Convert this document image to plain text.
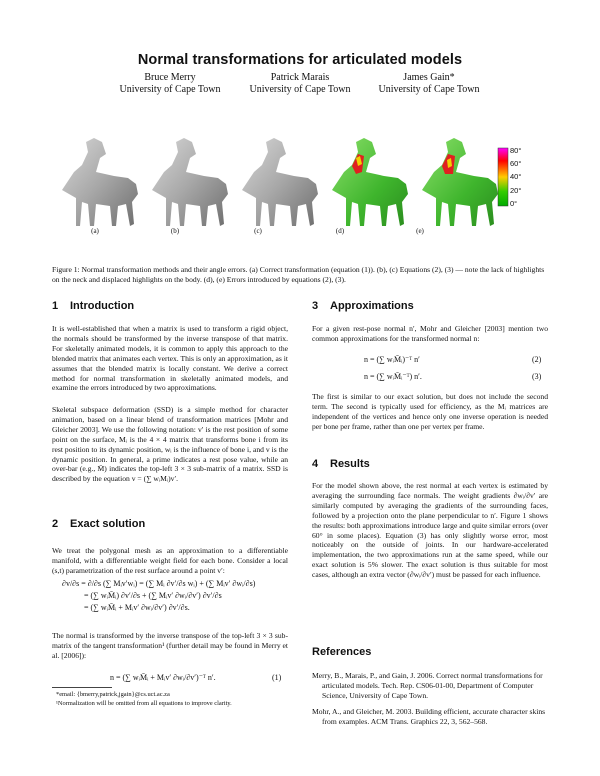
Normal transformations for articulated models
Bruce Merry
University of Cape Town
Patrick Marais
University of Cape Town
James Gain*
University of Cape Town
80°
60°
40°
20°
0°
(a)	(b)	(c)	(d)	(e)
Figure 1: Normal transformation methods and their angle errors. (a) Correct transformation (equation (1)). (b), (c) Equations (2), (3) — note the lack of highlights on the neck and displaced highlights on the body. (d), (e) Errors introduced by equations (2), (3).
1 Introduction
It is well-established that when a matrix is used to transform a rigid object, the normals should be transformed by the inverse transpose of that matrix. For skeletally animated models, it is common to apply this approach to the blended matrix that animates each vertex. This is only an approximation, as it assumes that the blended matrix is locally constant. We derive a correct method for normal transformation in skeletally animated models, and examine the errors introduced by two approximations.
Skeletal subspace deformation (SSD) is a simple method for character animation, based on a linear blend of transformation matrices [Mohr and Gleicher 2003]. We use the following notation: v′ is the rest position of some point on the surface, Mᵢ is the 4 × 4 matrix that transforms bone i from its rest position to its dynamic position, wᵢ is the influence of bone i, and v is the dynamic position. In general, a prime indicates a rest pose value, while an over-bar (e.g., M̄) indicates the top-left 3 × 3 sub-matrix of a matrix. SSD is described by the equation v = (∑ wᵢMᵢ)v′.
2 Exact solution
We treat the polygonal mesh as an approximation to a differentiable manifold, with a differentiable weight field for each bone. Consider a local (s,t) parametrization of the rest surface around a point v′:
∂v/∂s = ∂/∂s (∑ Mᵢv′wᵢ) = (∑ Mᵢ ∂v′/∂s wᵢ) + (∑ Mᵢv′ ∂wᵢ/∂s)
= (∑ wᵢM̄ᵢ) ∂v′/∂s + (∑ Mᵢv′ ∂wᵢ/∂v′) ∂v′/∂s
= (∑ wᵢM̄ᵢ + Mᵢv′ ∂wᵢ/∂v′) ∂v′/∂s.
The normal is transformed by the inverse transpose of the top-left 3 × 3 sub-matrix of the tangent transformation¹ (further detail may be found in Merry et al. [2006]):
n = (∑ wᵢM̄ᵢ + Mᵢv′ ∂wᵢ/∂v′)⁻ᵀ n′.	(1)
*email: {bmerry,patrick,jgain}@cs.uct.ac.za
¹Normalization will be omitted from all equations to improve clarity.
3 Approximations
For a given rest-pose normal n′, Mohr and Gleicher [2003] mention two common approximations for the transformed normal n:
n = (∑ wᵢM̄ᵢ)⁻ᵀ n′	(2)
n = (∑ wᵢM̄ᵢ⁻ᵀ) n′.	(3)
The first is similar to our exact solution, but does not include the second term. The second is typically used for efficiency, as the Mᵢ matrices are independent of the vertices and hence only one inverse operation is needed per bone per frame, rather than one per vertex per frame.
4 Results
For the model shown above, the rest normal at each vertex is estimated by averaging the surrounding face normals. The weight gradients ∂wᵢ/∂v′ are similarly computed by averaging the gradients of the surrounding faces, followed by a projection onto the plane perpendicular to n′. Figure 1 shows the results: both approximations introduce large and quite similar errors (over 60° in some places). Equation (3) has only slightly worse error, most noticeably on the outside of joints. In our hardware-accelerated implementation, the two approximations run at the same speed, while our exact solution is 5% slower. The exact solution is thus suitable for most cases, although an extra vector (∂wᵢ/∂v′) must be passed for each influence.
References
Merry, B., Marais, P., and Gain, J. 2006. Correct normal transformations for articulated models. Tech. Rep. CS06-01-00, Department of Computer Science, University of Cape Town.
Mohr, A., and Gleicher, M. 2003. Building efficient, accurate character skins from examples. ACM Trans. Graphics 22, 3, 562–568.
